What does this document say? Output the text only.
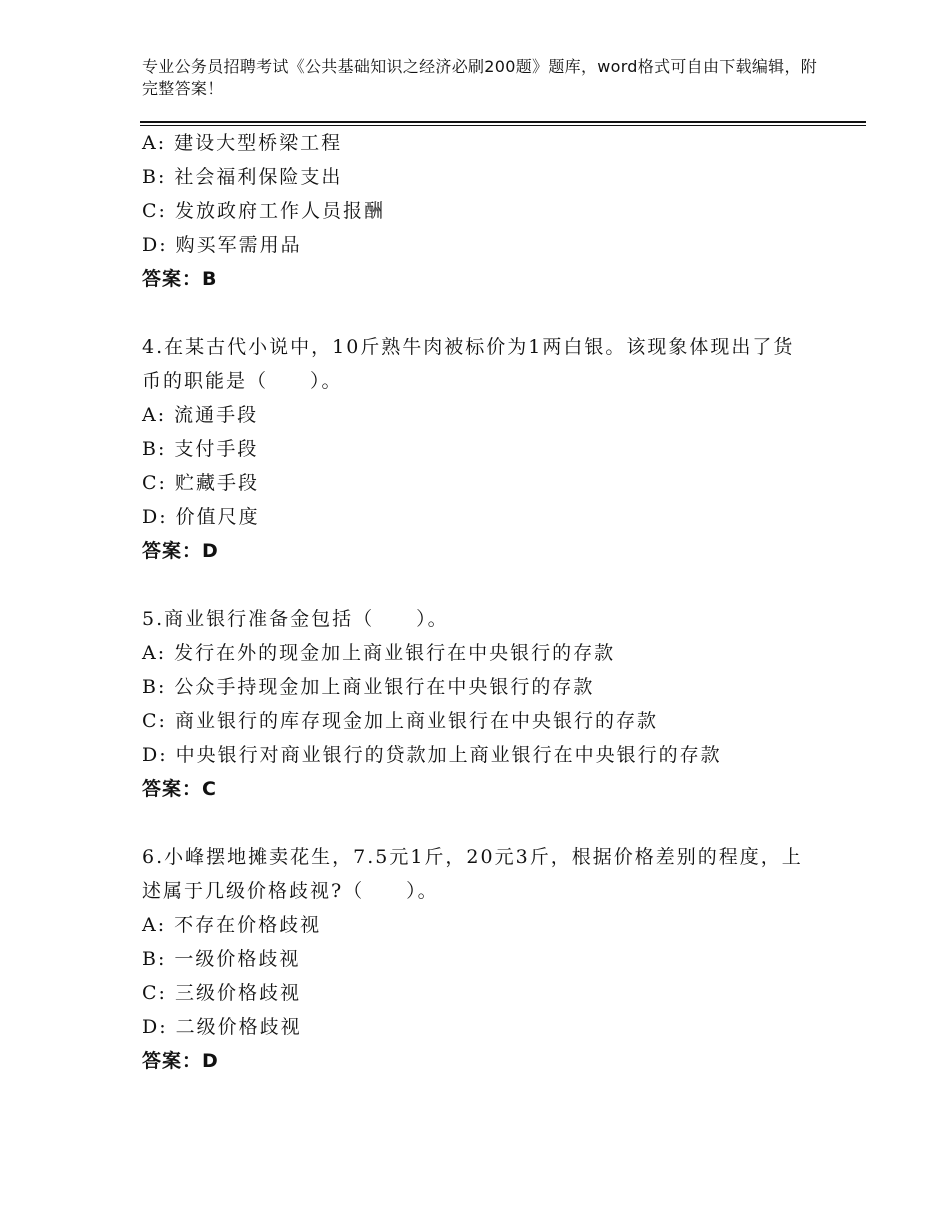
专业公务员招聘考试《公共基础知识之经济必刷200题》题库，word格式可自由下载编辑，附完整答案！
A: 建设大型桥梁工程
B: 社会福利保险支出
C: 发放政府工作人员报酬
D: 购买军需用品
答案：B
4.在某古代小说中，10斤熟牛肉被标价为1两白银。该现象体现出了货币的职能是（　　）。
A: 流通手段
B: 支付手段
C: 贮藏手段
D: 价值尺度
答案：D
5.商业银行准备金包括（　　）。
A: 发行在外的现金加上商业银行在中央银行的存款
B: 公众手持现金加上商业银行在中央银行的存款
C: 商业银行的库存现金加上商业银行在中央银行的存款
D: 中央银行对商业银行的贷款加上商业银行在中央银行的存款
答案：C
6.小峰摆地摊卖花生，7.5元1斤，20元3斤，根据价格差别的程度，上述属于几级价格歧视?（　　）。
A: 不存在价格歧视
B: 一级价格歧视
C: 三级价格歧视
D: 二级价格歧视
答案：D
